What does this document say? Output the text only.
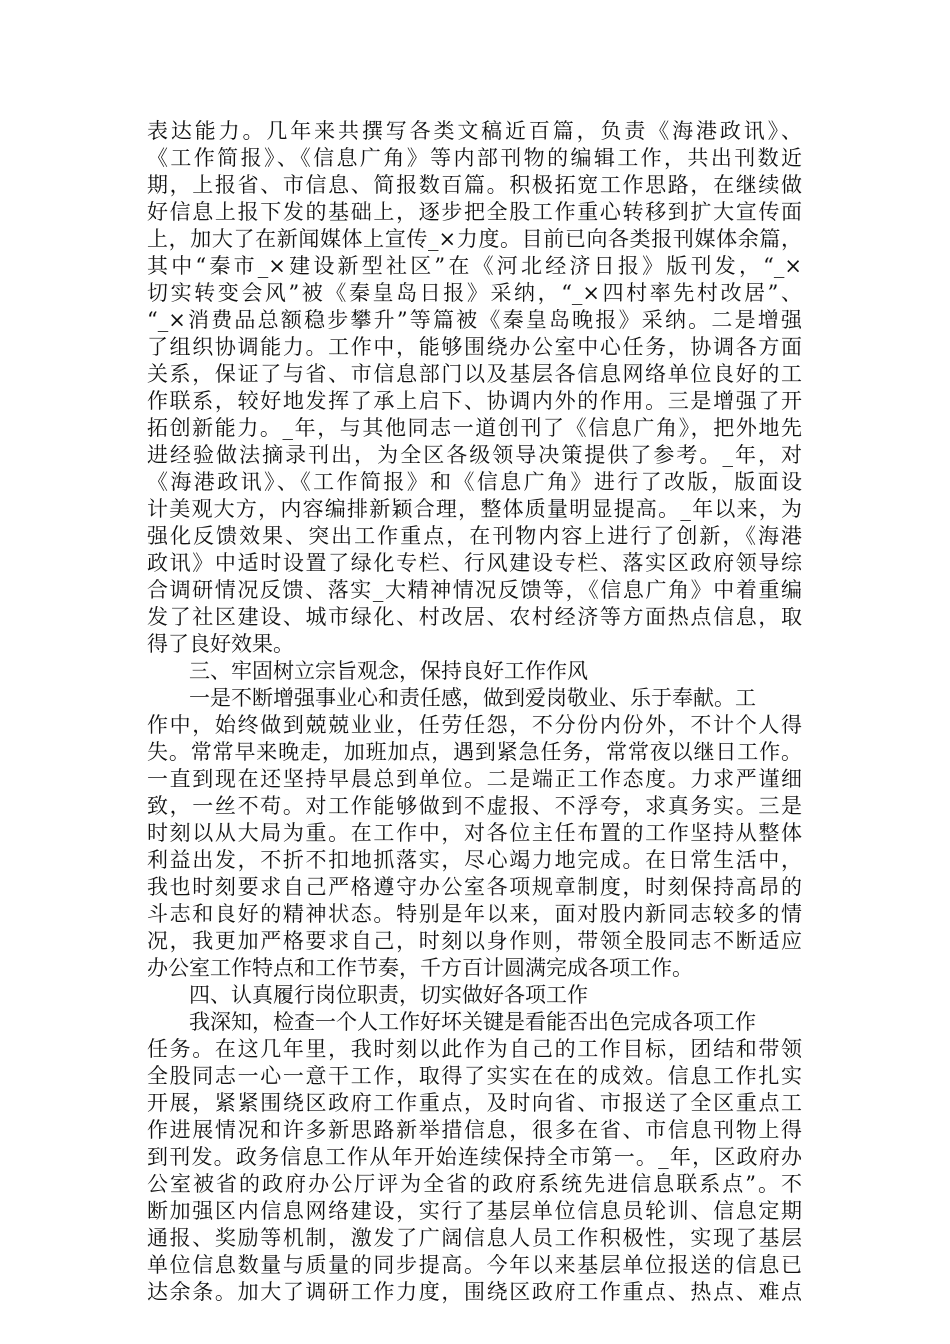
表达能力。几年来共撰写各类文稿近百篇，负责《海港政讯》、
《工作简报》、《信息广角》等内部刊物的编辑工作，共出刊数近
期，上报省、市信息、简报数百篇。积极拓宽工作思路，在继续做
好信息上报下发的基础上，逐步把全股工作重心转移到扩大宣传面
上，加大了在新闻媒体上宣传_×力度。目前已向各类报刊媒体余篇，
其中“秦市_×建设新型社区”在《河北经济日报》版刊发，“_×
切实转变会风”被《秦皇岛日报》采纳，“_×四村率先村改居”、
“_×消费品总额稳步攀升”等篇被《秦皇岛晚报》采纳。二是增强
了组织协调能力。工作中，能够围绕办公室中心任务，协调各方面
关系，保证了与省、市信息部门以及基层各信息网络单位良好的工
作联系，较好地发挥了承上启下、协调内外的作用。三是增强了开
拓创新能力。_年，与其他同志一道创刊了《信息广角》，把外地先
进经验做法摘录刊出，为全区各级领导决策提供了参考。_年，对
《海港政讯》、《工作简报》和《信息广角》进行了改版，版面设
计美观大方，内容编排新颖合理，整体质量明显提高。_年以来，为
强化反馈效果、突出工作重点，在刊物内容上进行了创新，《海港
政讯》中适时设置了绿化专栏、行风建设专栏、落实区政府领导综
合调研情况反馈、落实_大精神情况反馈等，《信息广角》中着重编
发了社区建设、城市绿化、村改居、农村经济等方面热点信息，取
得了良好效果。
三、牢固树立宗旨观念，保持良好工作作风
一是不断增强事业心和责任感，做到爱岗敬业、乐于奉献。工
作中，始终做到兢兢业业，任劳任怨，不分份内份外，不计个人得
失。常常早来晚走，加班加点，遇到紧急任务，常常夜以继日工作。
一直到现在还坚持早晨总到单位。二是端正工作态度。力求严谨细
致，一丝不苟。对工作能够做到不虚报、不浮夸，求真务实。三是
时刻以从大局为重。在工作中，对各位主任布置的工作坚持从整体
利益出发，不折不扣地抓落实，尽心竭力地完成。在日常生活中，
我也时刻要求自己严格遵守办公室各项规章制度，时刻保持高昂的
斗志和良好的精神状态。特别是年以来，面对股内新同志较多的情
况，我更加严格要求自己，时刻以身作则，带领全股同志不断适应
办公室工作特点和工作节奏，千方百计圆满完成各项工作。
四、认真履行岗位职责，切实做好各项工作
我深知，检查一个人工作好坏关键是看能否出色完成各项工作
任务。在这几年里，我时刻以此作为自己的工作目标，团结和带领
全股同志一心一意干工作，取得了实实在在的成效。信息工作扎实
开展，紧紧围绕区政府工作重点，及时向省、市报送了全区重点工
作进展情况和许多新思路新举措信息，很多在省、市信息刊物上得
到刊发。政务信息工作从年开始连续保持全市第一。_年，区政府办
公室被省的政府办公厅评为全省的政府系统先进信息联系点”。不
断加强区内信息网络建设，实行了基层单位信息员轮训、信息定期
通报、奖励等机制，激发了广阔信息人员工作积极性，实现了基层
单位信息数量与质量的同步提高。今年以来基层单位报送的信息已
达余条。加大了调研工作力度，围绕区政府工作重点、热点、难点
